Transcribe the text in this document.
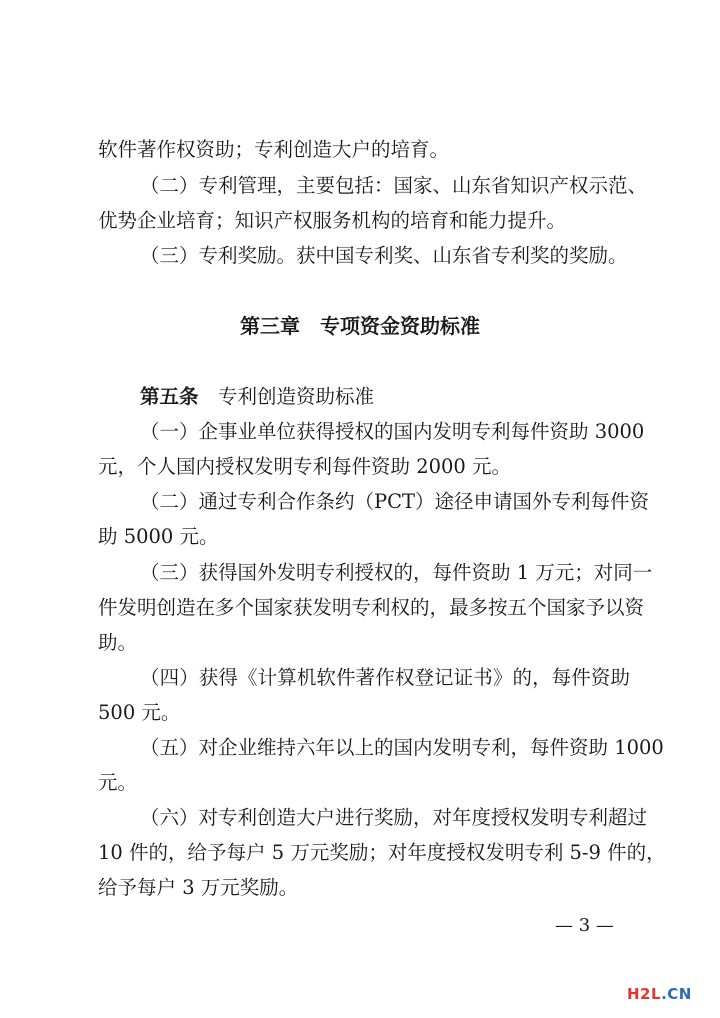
软件著作权资助；专利创造大户的培育。
（二）专利管理，主要包括：国家、山东省知识产权示范、
优势企业培育；知识产权服务机构的培育和能力提升。
（三）专利奖励。获中国专利奖、山东省专利奖的奖励。
第三章　专项资金资助标准
第五条　 专利创造资助标准
（一）企事业单位获得授权的国内发明专利每件资助 3000
元，个人国内授权发明专利每件资助 2000 元。
（二）通过专利合作条约（PCT）途径申请国外专利每件资
助 5000 元。
（三）获得国外发明专利授权的，每件资助 1 万元；对同一
件发明创造在多个国家获发明专利权的，最多按五个国家予以资
助。
（四）获得《计算机软件著作权登记证书》的，每件资助
500 元。
（五）对企业维持六年以上的国内发明专利，每件资助 1000
元。
（六）对专利创造大户进行奖励，对年度授权发明专利超过
10 件的，给予每户 5 万元奖励；对年度授权发明专利 5-9 件的，
给予每户 3 万元奖励。
— 3 —
H2L.CN
